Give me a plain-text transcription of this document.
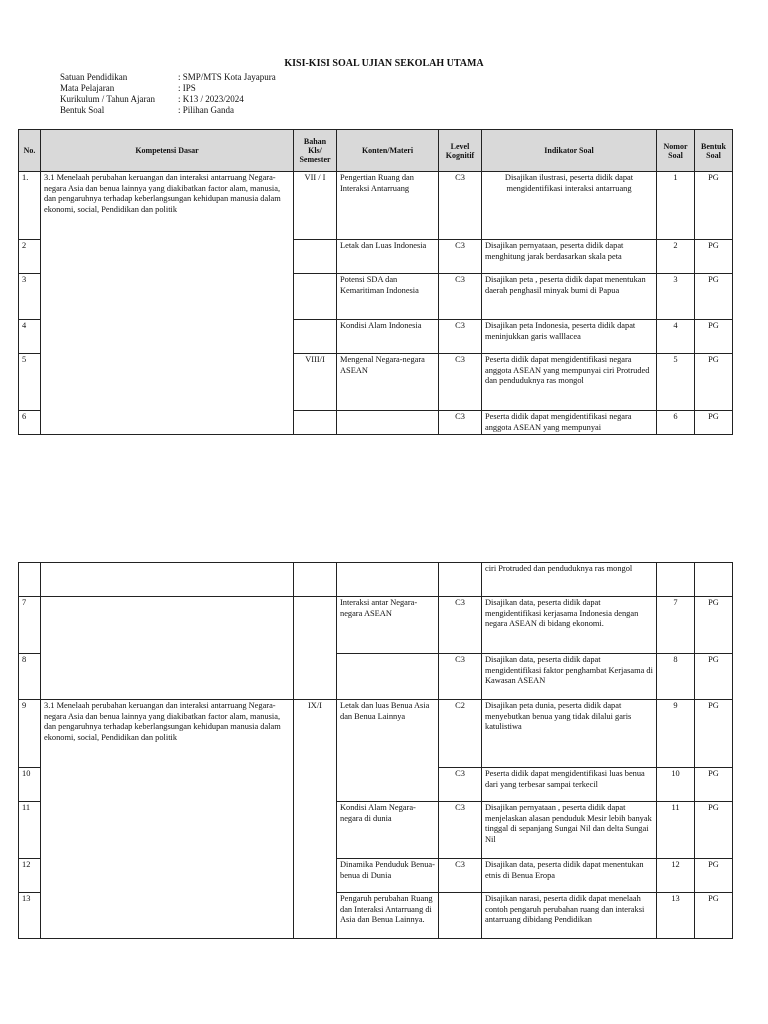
KISI-KISI SOAL UJIAN SEKOLAH UTAMA
Satuan Pendidikan	: SMP/MTS Kota Jayapura
Mata Pelajaran	: IPS
Kurikulum / Tahun Ajaran	: K13 / 2023/2024
Bentuk Soal	: Pilihan Ganda
No.	Kompetensi Dasar	Bahan Kls/ Semester	Konten/Materi	Level Kognitif	Indikator Soal	Nomor Soal	Bentuk Soal
1.	3.1 Menelaah perubahan keruangan dan interaksi antarruang Negara-negara Asia dan benua lainnya yang diakibatkan factor alam, manusia, dan pengaruhnya terhadap keberlangsungan kehidupan manusia dalam ekonomi, social, Pendidikan dan politik	VII / I	Pengertian Ruang dan Interaksi Antarruang	C3	Disajikan ilustrasi, peserta didik dapat mengidentifikasi interaksi antarruang	1	PG
2			Letak dan Luas Indonesia	C3	Disajikan pernyataan, peserta didik dapat menghitung jarak berdasarkan skala peta	2	PG
3			Potensi SDA dan Kemaritiman Indonesia	C3	Disajikan peta , peserta didik dapat menentukan daerah penghasil minyak bumi di Papua	3	PG
4			Kondisi Alam Indonesia	C3	Disajikan peta Indonesia, peserta didik dapat meninjukkan garis walllacea	4	PG
5		VIII/I	Mengenal Negara-negara ASEAN	C3	Peserta didik dapat mengidentifikasi negara anggota ASEAN yang mempunyai ciri Protruded dan penduduknya ras mongol	5	PG
6				C3	Peserta didik dapat mengidentifikasi negara anggota ASEAN yang mempunyai	6	PG
					ciri Protruded dan penduduknya ras mongol		
7			Interaksi antar Negara-negara ASEAN	C3	Disajikan data, peserta didik dapat mengidentifikasi kerjasama Indonesia dengan negara ASEAN di bidang ekonomi.	7	PG
8				C3	Disajikan data, peserta didik dapat mengidentifikasi faktor penghambat Kerjasama di Kawasan ASEAN	8	PG
9	3.1 Menelaah perubahan keruangan dan interaksi antarruang Negara-negara Asia dan benua lainnya yang diakibatkan factor alam, manusia, dan pengaruhnya terhadap keberlangsungan kehidupan manusia dalam ekonomi, social, Pendidikan dan politik	IX/I	Letak dan luas Benua Asia dan Benua Lainnya	C2	Disajikan peta dunia, peserta didik dapat menyebutkan benua yang tidak dilalui garis katulistiwa	9	PG
10				C3	Peserta didik dapat mengidentifikasi luas benua dari yang terbesar sampai terkecil	10	PG
11			Kondisi Alam Negara-negara di dunia	C3	Disajikan pernyataan , peserta didik dapat menjelaskan alasan penduduk Mesir lebih banyak tinggal di sepanjang Sungai Nil dan delta Sungai Nil	11	PG
12			Dinamika Penduduk Benua-benua di Dunia	C3	Disajikan data, peserta didik dapat menentukan etnis di Benua Eropa	12	PG
13			Pengaruh perubahan Ruang dan Interaksi Antarruang di Asia dan Benua Lainnya.		Disajikan narasi, peserta didik dapat menelaah contoh pengaruh perubahan ruang dan interaksi antarruang dibidang Pendidikan	13	PG
